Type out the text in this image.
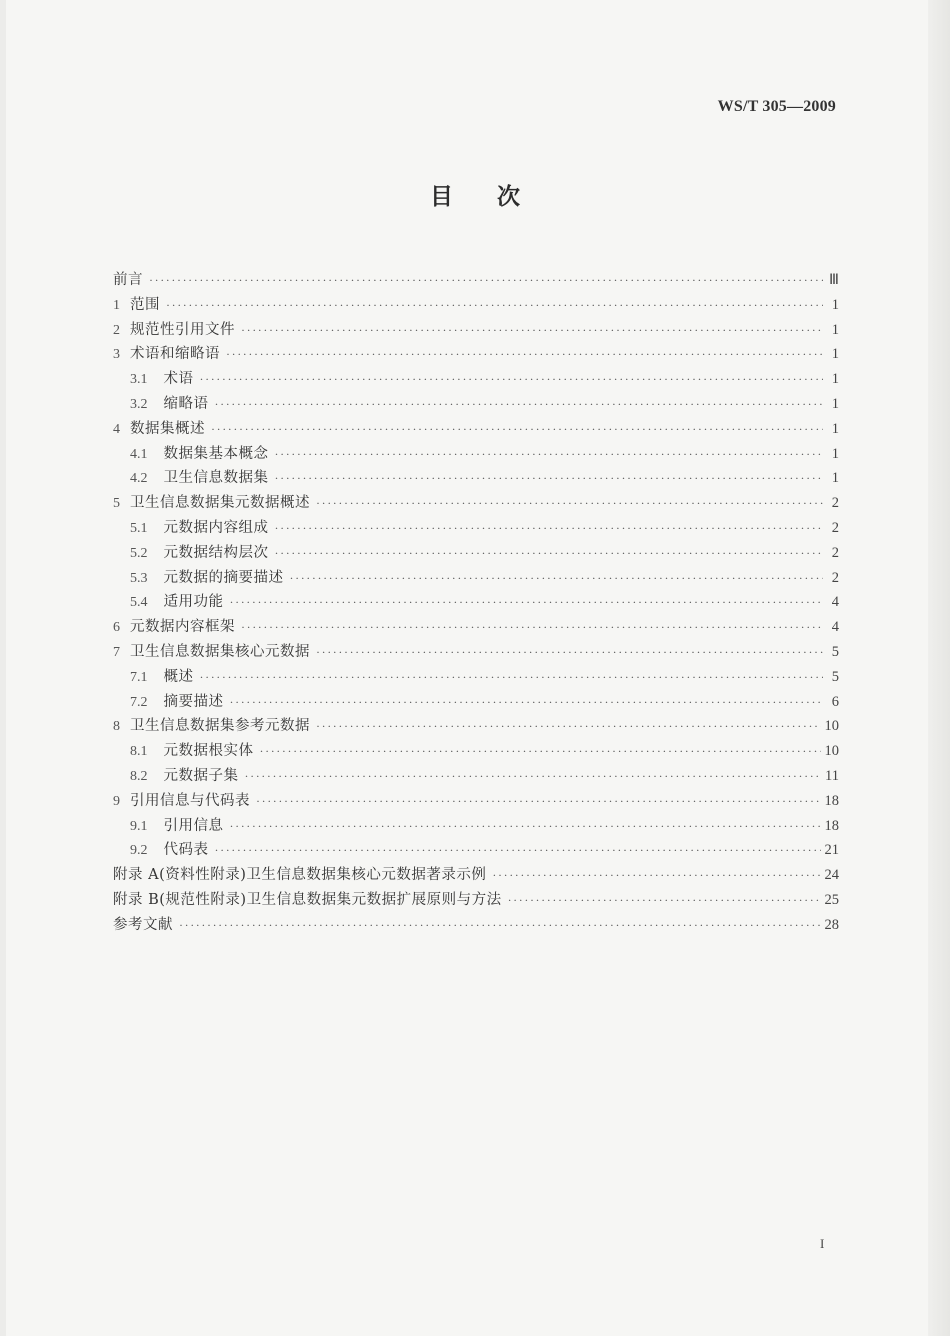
WS/T 305—2009
目 次
前言 ·····	Ⅲ
1 范围 ·····	1
2 规范性引用文件 ·····	1
3 术语和缩略语 ·····	1
3.1 术语 ·····	1
3.2 缩略语 ·····	1
4 数据集概述 ·····	1
4.1 数据集基本概念 ·····	1
4.2 卫生信息数据集 ·····	1
5 卫生信息数据集元数据概述 ·····	2
5.1 元数据内容组成 ·····	2
5.2 元数据结构层次 ·····	2
5.3 元数据的摘要描述 ·····	2
5.4 适用功能 ·····	4
6 元数据内容框架 ·····	4
7 卫生信息数据集核心元数据 ·····	5
7.1 概述 ·····	5
7.2 摘要描述 ·····	6
8 卫生信息数据集参考元数据 ·····	10
8.1 元数据根实体 ·····	10
8.2 元数据子集 ·····	11
9 引用信息与代码表 ·····	18
9.1 引用信息 ·····	18
9.2 代码表 ·····	21
附录 A(资料性附录)卫生信息数据集核心元数据著录示例 ·····	24
附录 B(规范性附录)卫生信息数据集元数据扩展原则与方法 ·····	25
参考文献 ·····	28
I
